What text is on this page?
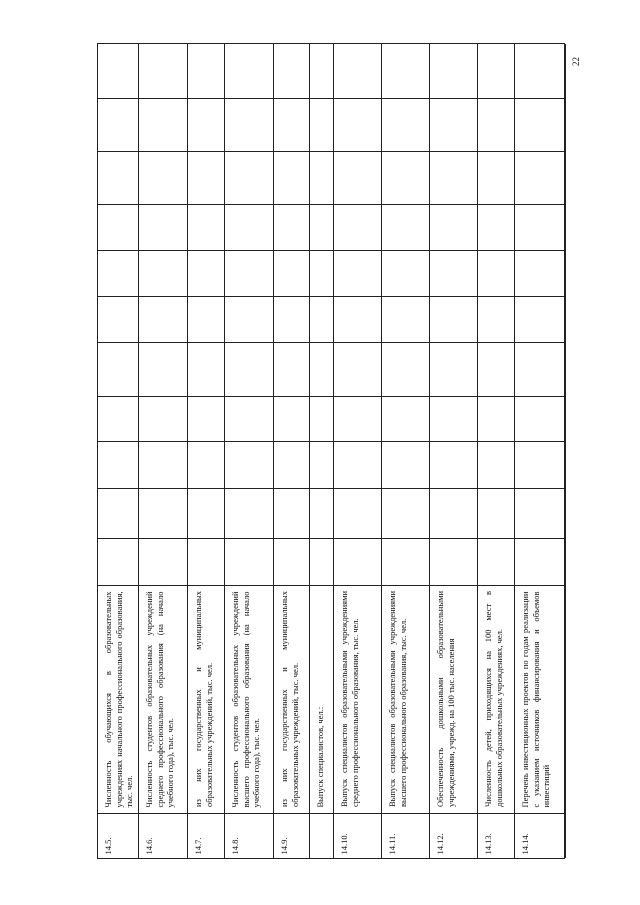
22
14.5.
Численность обучающихся в образовательных учреждениях начального профессионального образования, тыс. чел.
14.6.
Численность студентов образовательных учреждений среднего профессионального образования (на начало учебного года), тыс. чел.
14.7.
из них государственных и муниципальных образовательных учреждений, тыс. чел.
14.8.
Численность студентов образовательных учреждений высшего профессионального образования (на начало учебного года), тыс. чел.
14.9.
из них государственных и муниципальных образовательных учреждений, тыс. чел.	Выпуск специалистов, чел.:
14.10.
Выпуск специалистов образовательными учреждениями среднего профессионального образования, тыс. чел.
14.11.
Выпуск специалистов образовательными учреждениями высшего профессионального образования, тыс. чел.
14.12.
Обеспеченность дошкольными образовательными учреждениями, учрежд. на 100 тыс. населения
14.13.
Численность детей, приходящихся на 100 мест в дошкольных образовательных учреждениях, чел.
14.14.
Перечень инвестиционных проектов по годам реализации с указанием источников финансирования и объемов инвестиций
